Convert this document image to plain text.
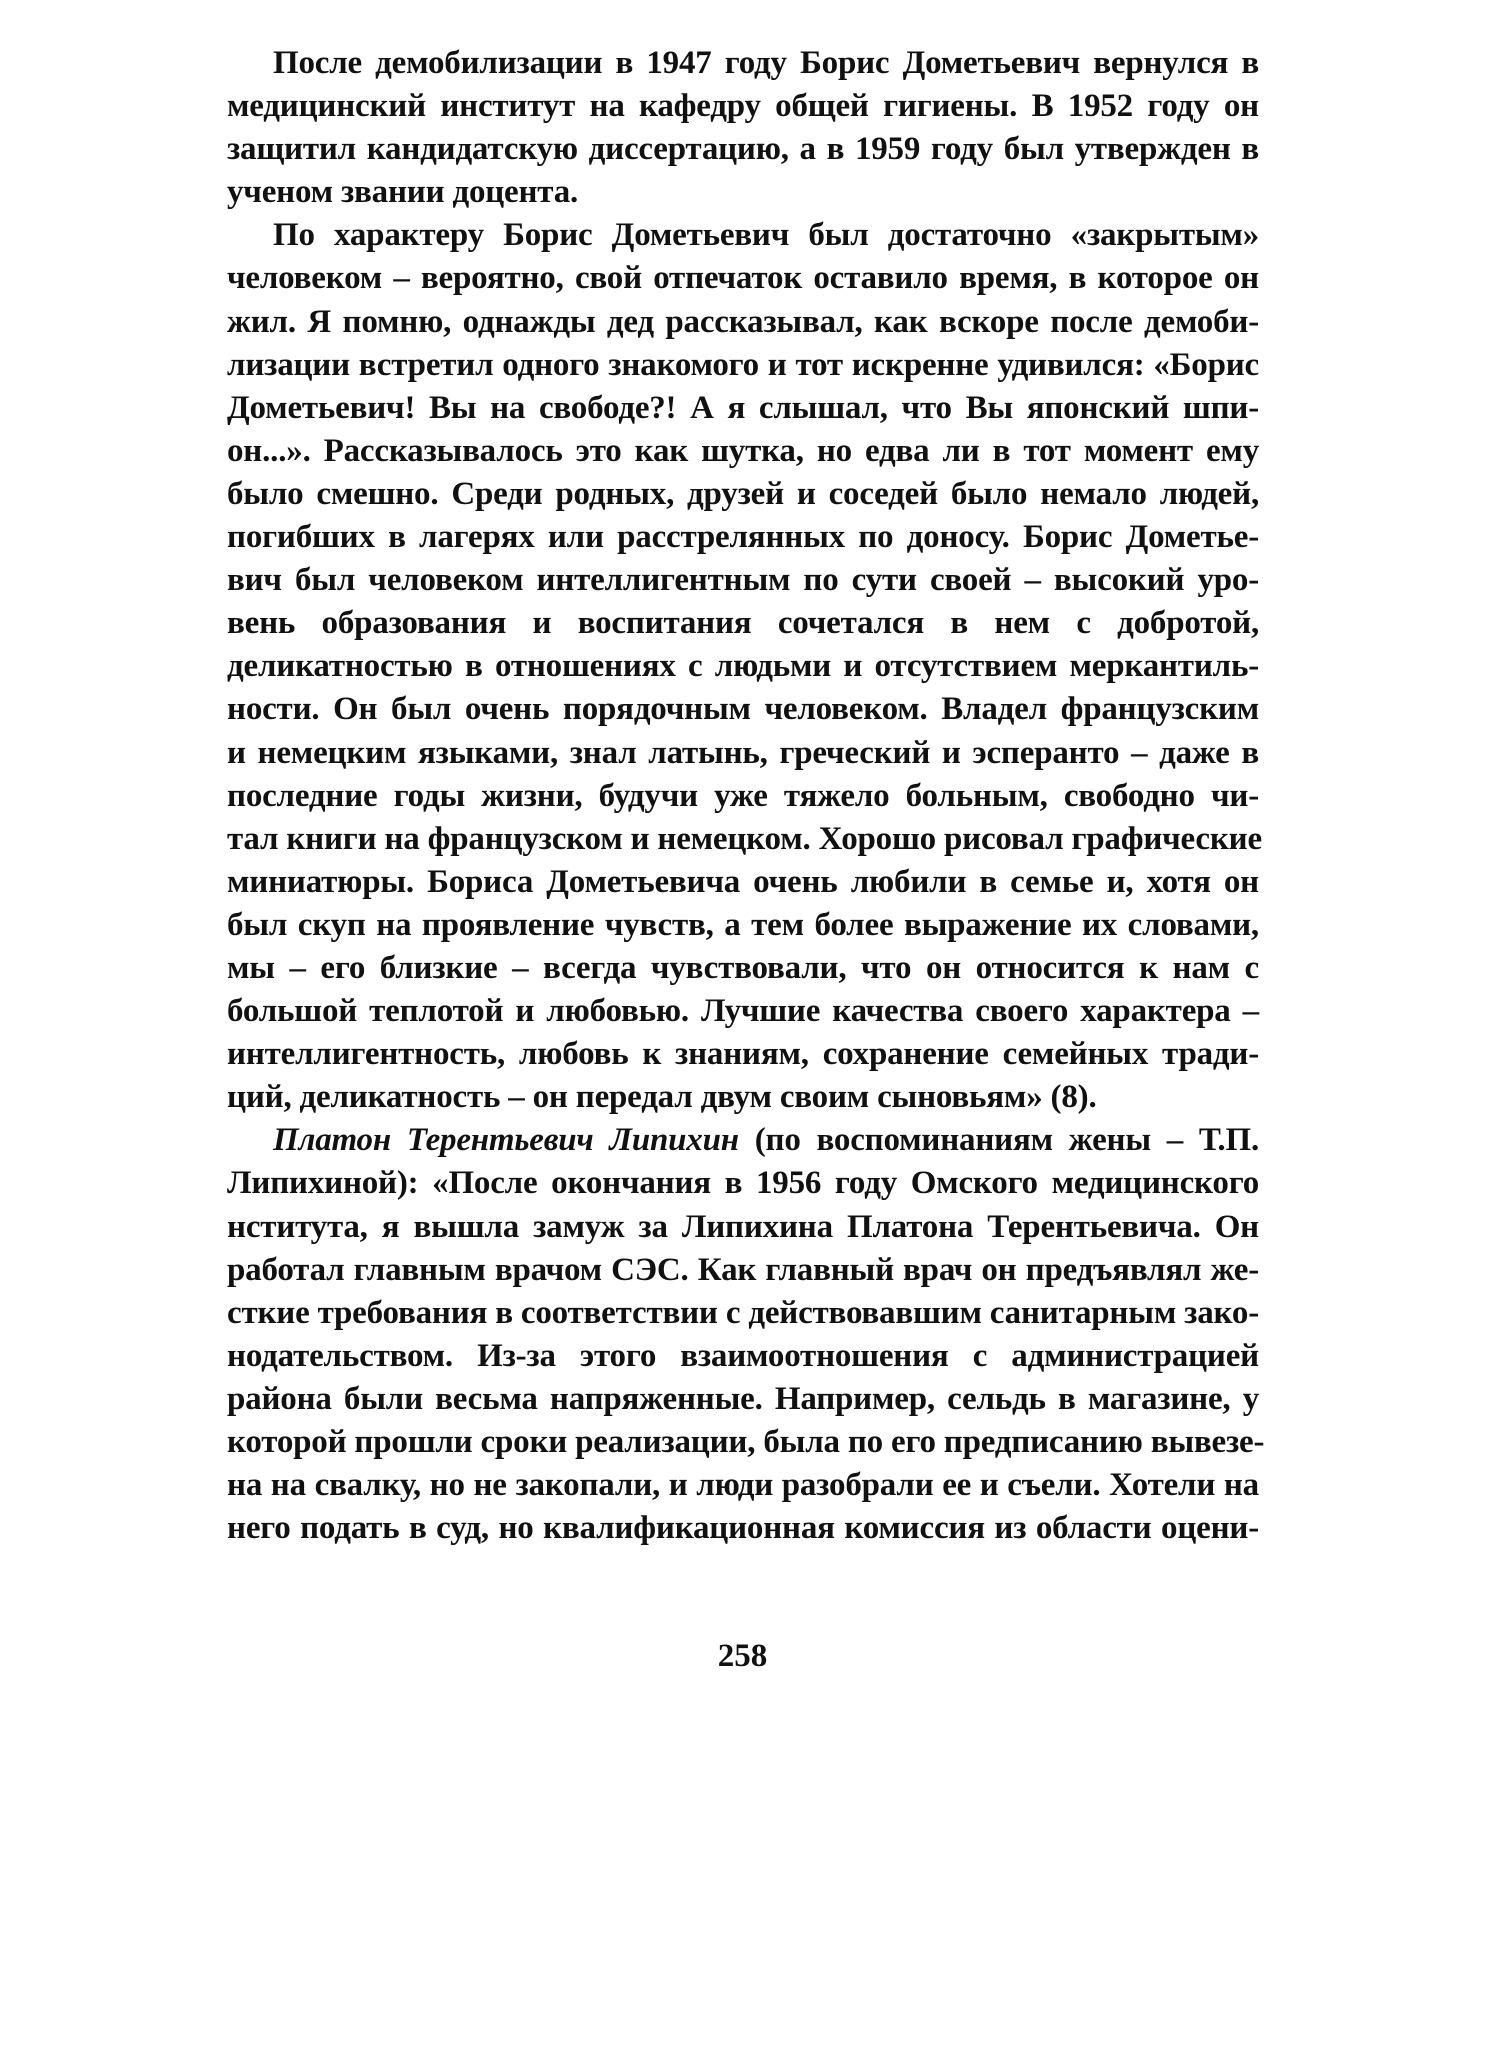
После демобилизации в 1947 году Борис Дометьевич вернулся в
медицинский институт на кафедру общей гигиены. В 1952 году он
защитил кандидатскую диссертацию, а в 1959 году был утвержден в
ученом звании доцента.

По характеру Борис Дометьевич был достаточно «закрытым»
человеком – вероятно, свой отпечаток оставило время, в которое он
жил. Я помню, однажды дед рассказывал, как вскоре после демоби-
лизации встретил одного знакомого и тот искренне удивился: «Борис
Дометьевич! Вы на свободе?! А я слышал, что Вы японский шпи-
он...». Рассказывалось это как шутка, но едва ли в тот момент ему
было смешно. Среди родных, друзей и соседей было немало людей,
погибших в лагерях или расстрелянных по доносу. Борис Дометье-
вич был человеком интеллигентным по сути своей – высокий уро-
вень образования и воспитания сочетался в нем с добротой,
деликатностью в отношениях с людьми и отсутствием меркантиль-
ности. Он был очень порядочным человеком. Владел французским
и немецким языками, знал латынь, греческий и эсперанто – даже в
последние годы жизни, будучи уже тяжело больным, свободно чи-
тал книги на французском и немецком. Хорошо рисовал графические
миниатюры. Бориса Дометьевича очень любили в семье и, хотя он
был скуп на проявление чувств, а тем более выражение их словами,
мы – его близкие – всегда чувствовали, что он относится к нам с
большой теплотой и любовью. Лучшие качества своего характера –
интеллигентность, любовь к знаниям, сохранение семейных тради-
ций, деликатность – он передал двум своим сыновьям» (8).

Платон Терентьевич Липихин (по воспоминаниям жены – Т.П.
Липихиной): «После окончания в 1956 году Омского медицинского
нститута, я вышла замуж за Липихина Платона Терентьевича. Он
работал главным врачом СЭС. Как главный врач он предъявлял же-
сткие требования в соответствии с действовавшим санитарным зако-
нодательством. Из-за этого взаимоотношения с администрацией
района были весьма напряженные. Например, сельдь в магазине, у
которой прошли сроки реализации, была по его предписанию вывезе-
на на свалку, но не закопали, и люди разобрали ее и съели. Хотели на
него подать в суд, но квалификационная комиссия из области оцени-

258
